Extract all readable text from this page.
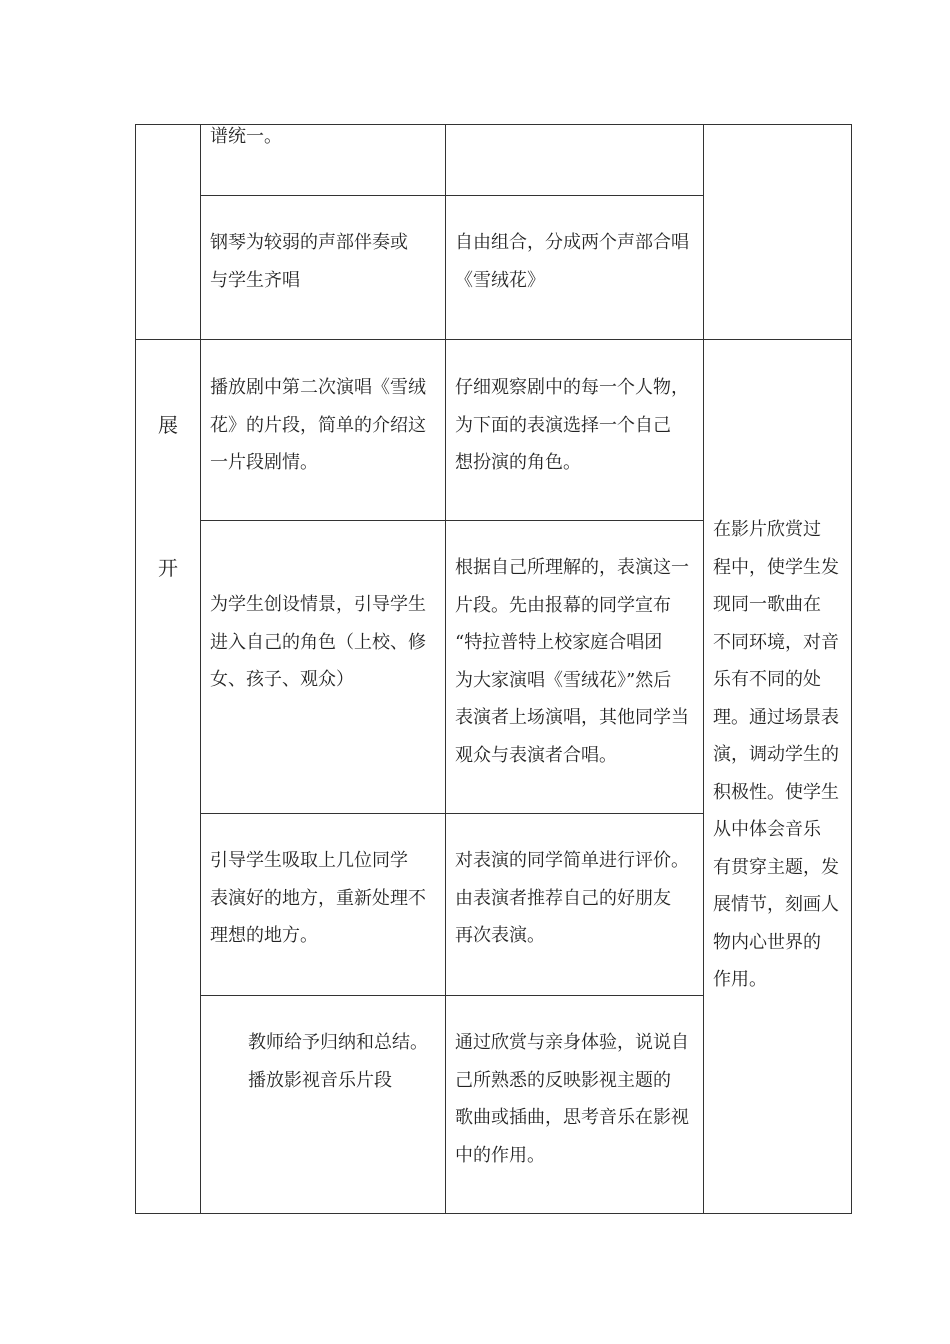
谱统一。

钢琴为较弱的声部伴奏或

与学生齐唱

自由组合，分成两个声部合唱

《雪绒花》

展
开

播放剧中第二次演唱《雪绒

花》的片段，简单的介绍这

一片段剧情。

仔细观察剧中的每一个人物，

为下面的表演选择一个自己

想扮演的角色。

为学生创设情景，引导学生

进入自己的角色（上校、修

女、孩子、观众）

根据自己所理解的，表演这一

片段。先由报幕的同学宣布

“特拉普特上校家庭合唱团

为大家演唱《雪绒花》”然后

表演者上场演唱，其他同学当

观众与表演者合唱。

引导学生吸取上几位同学

表演好的地方，重新处理不

理想的地方。

对表演的同学简单进行评价。

由表演者推荐自己的好朋友

再次表演。

教师给予归纳和总结。

播放影视音乐片段

通过欣赏与亲身体验，说说自

己所熟悉的反映影视主题的

歌曲或插曲，思考音乐在影视

中的作用。

在影片欣赏过

程中，使学生发

现同一歌曲在

不同环境，对音

乐有不同的处

理。通过场景表

演，调动学生的

积极性。使学生

从中体会音乐

有贯穿主题，发

展情节，刻画人

物内心世界的

作用。
